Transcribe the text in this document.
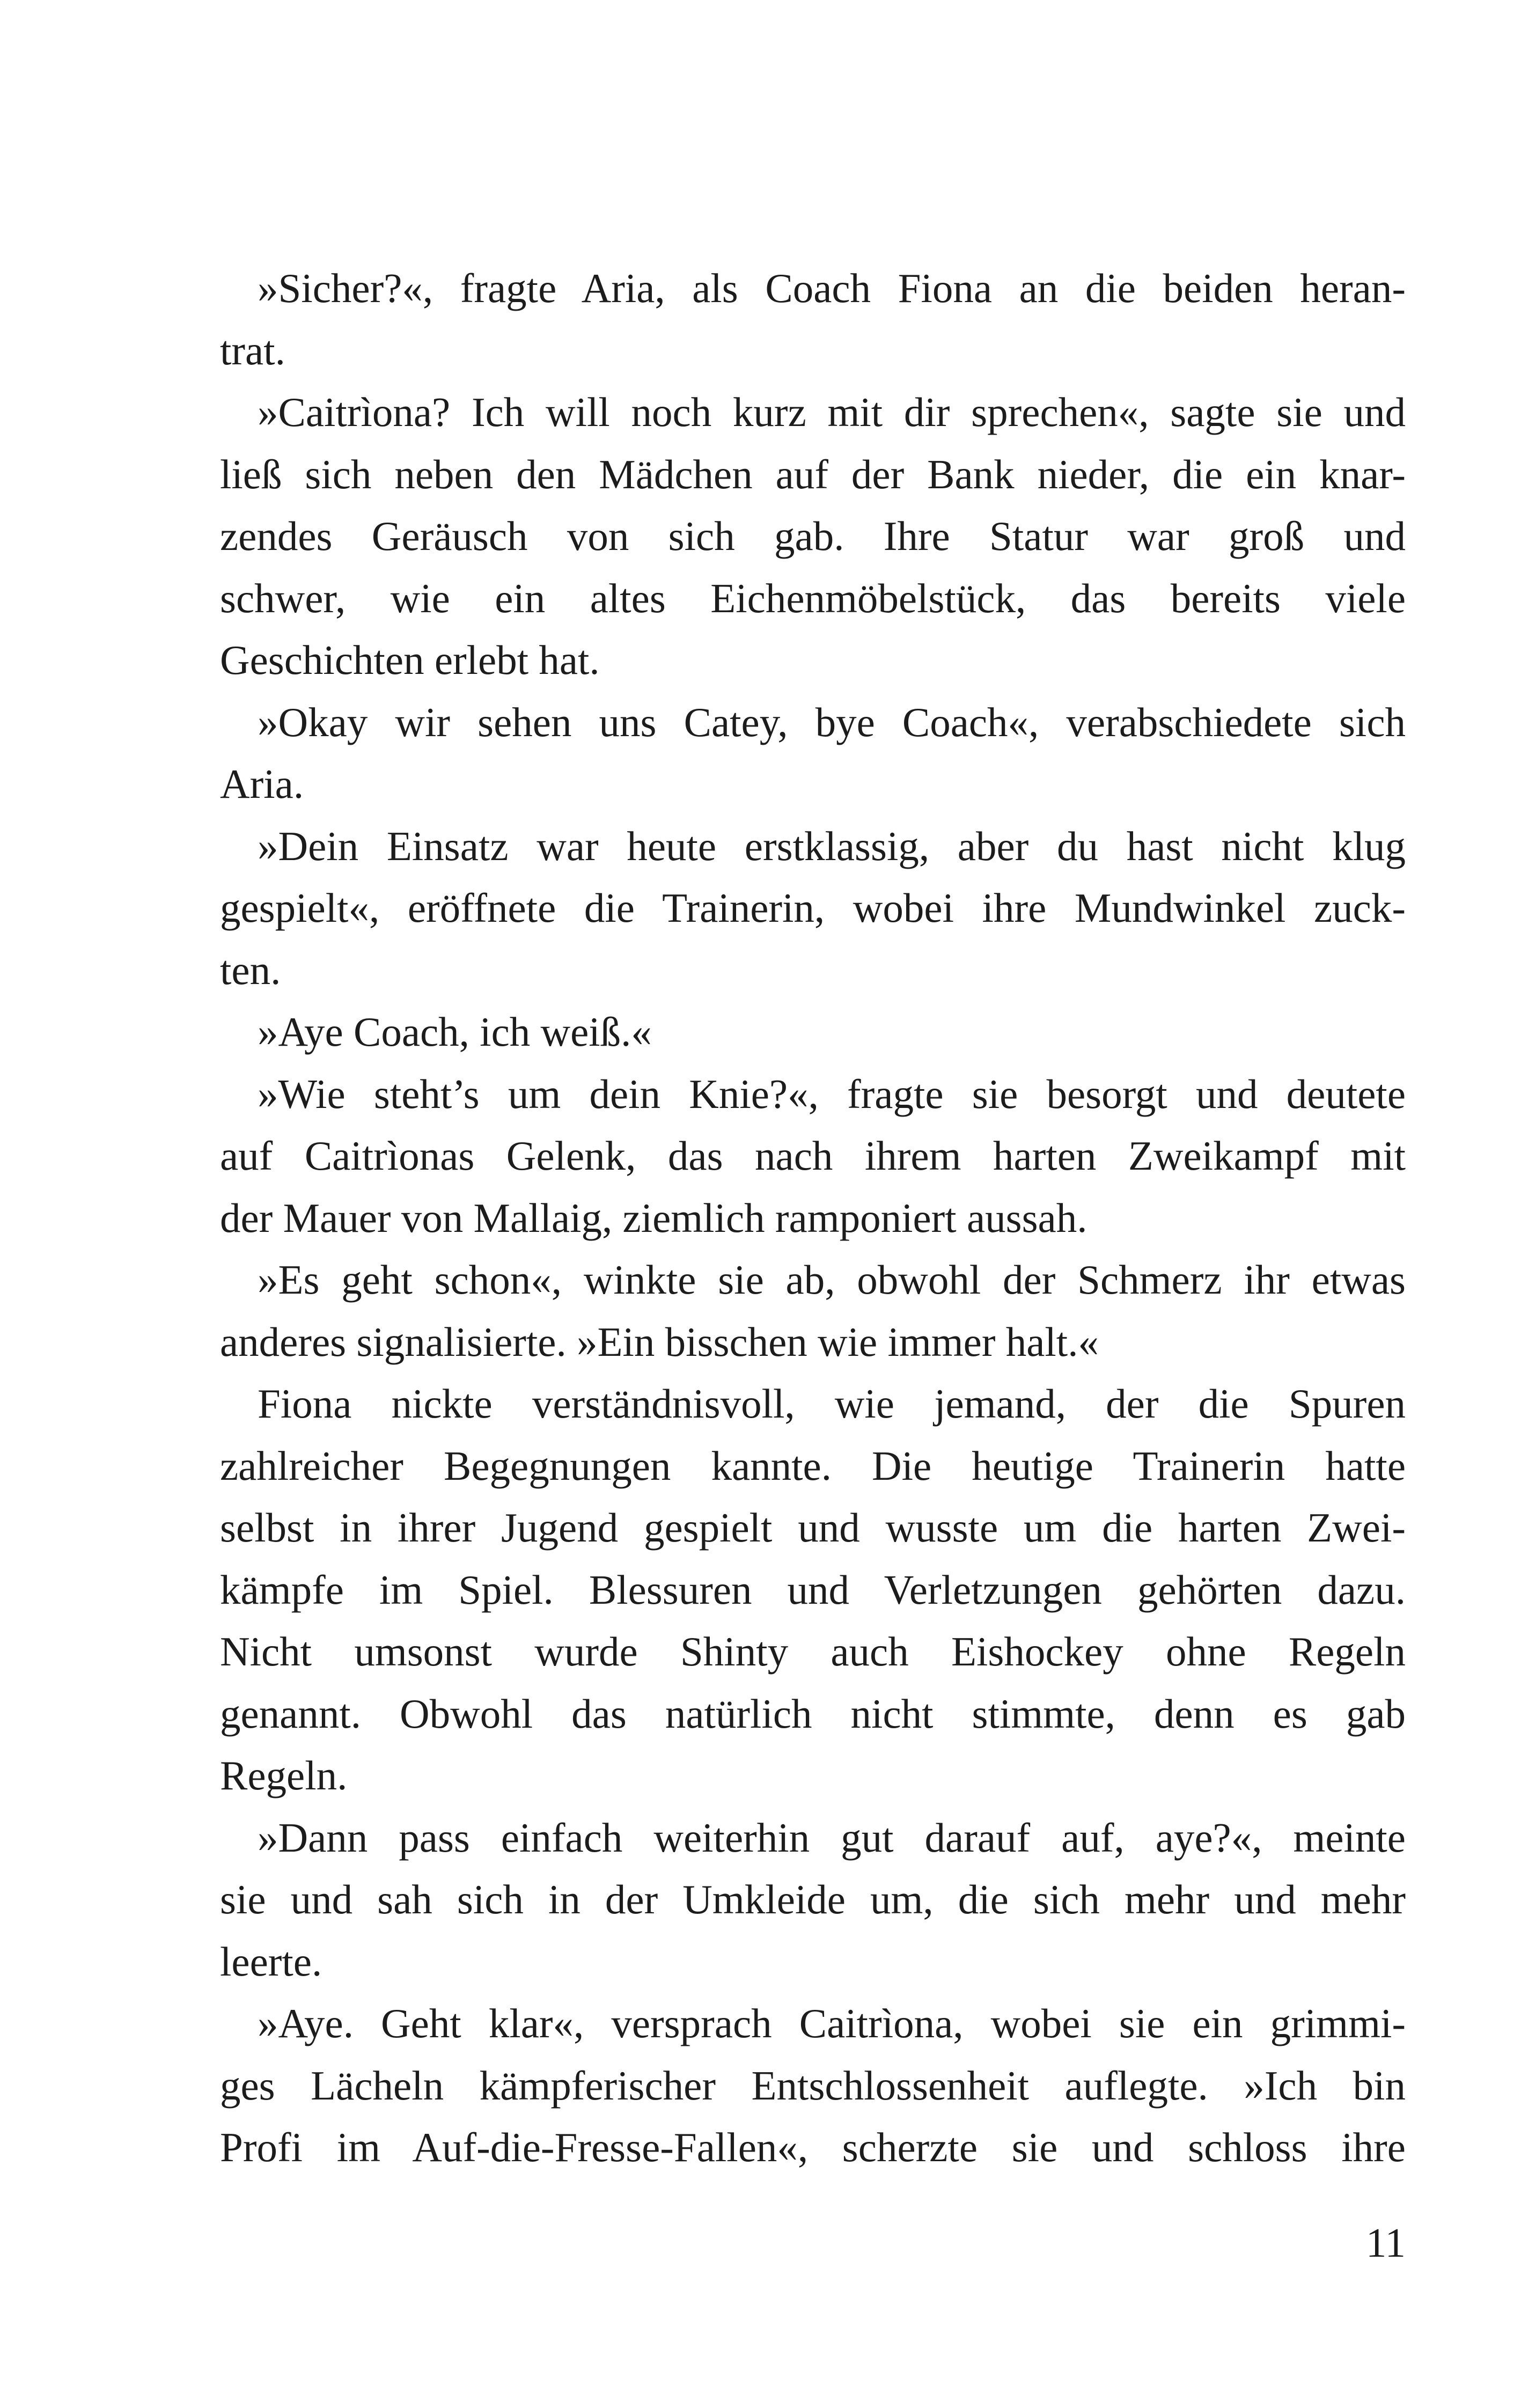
»Sicher?«, fragte Aria, als Coach Fiona an die beiden heran-
trat.
»Caitrìona? Ich will noch kurz mit dir sprechen«, sagte sie und
ließ sich neben den Mädchen auf der Bank nieder, die ein knar-
zendes Geräusch von sich gab. Ihre Statur war groß und
schwer, wie ein altes Eichenmöbelstück, das bereits viele
Geschichten erlebt hat.
»Okay wir sehen uns Catey, bye Coach«, verabschiedete sich
Aria.
»Dein Einsatz war heute erstklassig, aber du hast nicht klug
gespielt«, eröffnete die Trainerin, wobei ihre Mundwinkel zuck-
ten.
»Aye Coach, ich weiß.«
»Wie steht’s um dein Knie?«, fragte sie besorgt und deutete
auf Caitrìonas Gelenk, das nach ihrem harten Zweikampf mit
der Mauer von Mallaig, ziemlich ramponiert aussah.
»Es geht schon«, winkte sie ab, obwohl der Schmerz ihr etwas
anderes signalisierte. »Ein bisschen wie immer halt.«
Fiona nickte verständnisvoll, wie jemand, der die Spuren
zahlreicher Begegnungen kannte. Die heutige Trainerin hatte
selbst in ihrer Jugend gespielt und wusste um die harten Zwei-
kämpfe im Spiel. Blessuren und Verletzungen gehörten dazu.
Nicht umsonst wurde Shinty auch Eishockey ohne Regeln
genannt. Obwohl das natürlich nicht stimmte, denn es gab
Regeln.
»Dann pass einfach weiterhin gut darauf auf, aye?«, meinte
sie und sah sich in der Umkleide um, die sich mehr und mehr
leerte.
»Aye. Geht klar«, versprach Caitrìona, wobei sie ein grimmi-
ges Lächeln kämpferischer Entschlossenheit auflegte. »Ich bin
Profi im Auf-die-Fresse-Fallen«, scherzte sie und schloss ihre
11
